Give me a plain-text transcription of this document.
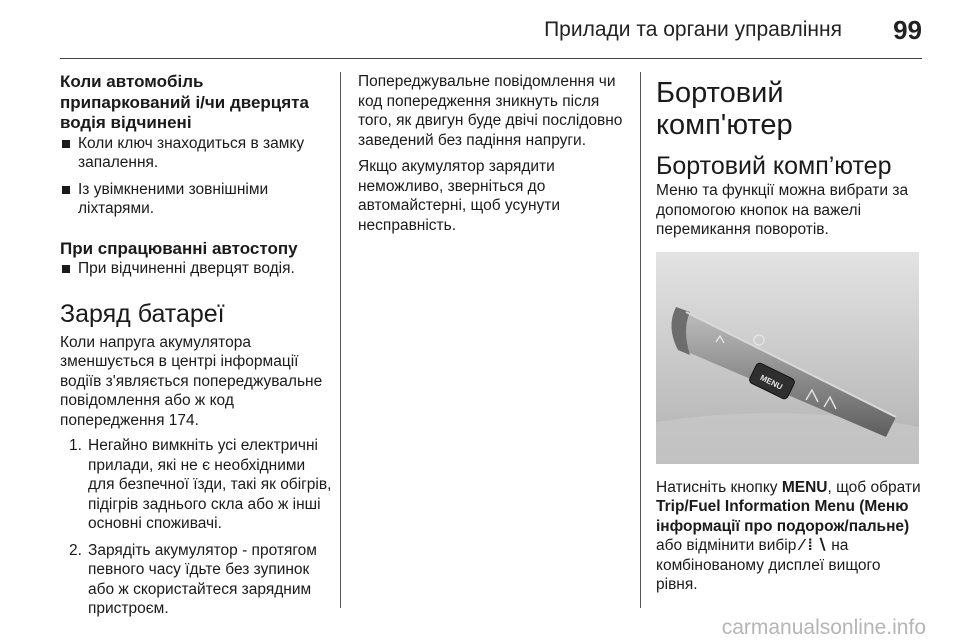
Прилади та органи управління 99
Коли автомобіль припаркований і/чи дверцята водія відчинені

Коли ключ знаходиться в замку запалення.

Із увімкненими зовнішніми ліхтарями.

При спрацюванні автостопу

При відчиненні дверцят водія.

Заряд батареї

Коли напруга акумулятора зменшується в центрі інформації водіїв з'являється попереджувальне повідомлення або ж код попередження 174.

1. Негайно вимкніть усі електричні прилади, які не є необхідними для безпечної їзди, такі як обігрів, підігрів заднього скла або ж інші основні споживачі.
2. Зарядіть акумулятор - протягом певного часу їдьте без зупинок або ж скористайтеся зарядним пристроєм.

Попереджувальне повідомлення чи код попередження зникнуть після того, як двигун буде двічі послідовно заведений без падіння напруги.

Якщо акумулятор зарядити неможливо, зверніться до автомайстерні, щоб усунути несправність.

Бортовий комп'ютер
Бортовий комп’ютер

Меню та функції можна вибрати за допомогою кнопок на важелі перемикання поворотів.

MENU

Натисніть кнопку MENU, щоб обрати Trip/Fuel Information Menu (Меню інформації про подорож/пальне) або відмінити вибір ⁄ ⁞ ∖ на комбінованому дисплеї вищого рівня.

carmanualsonline.info
